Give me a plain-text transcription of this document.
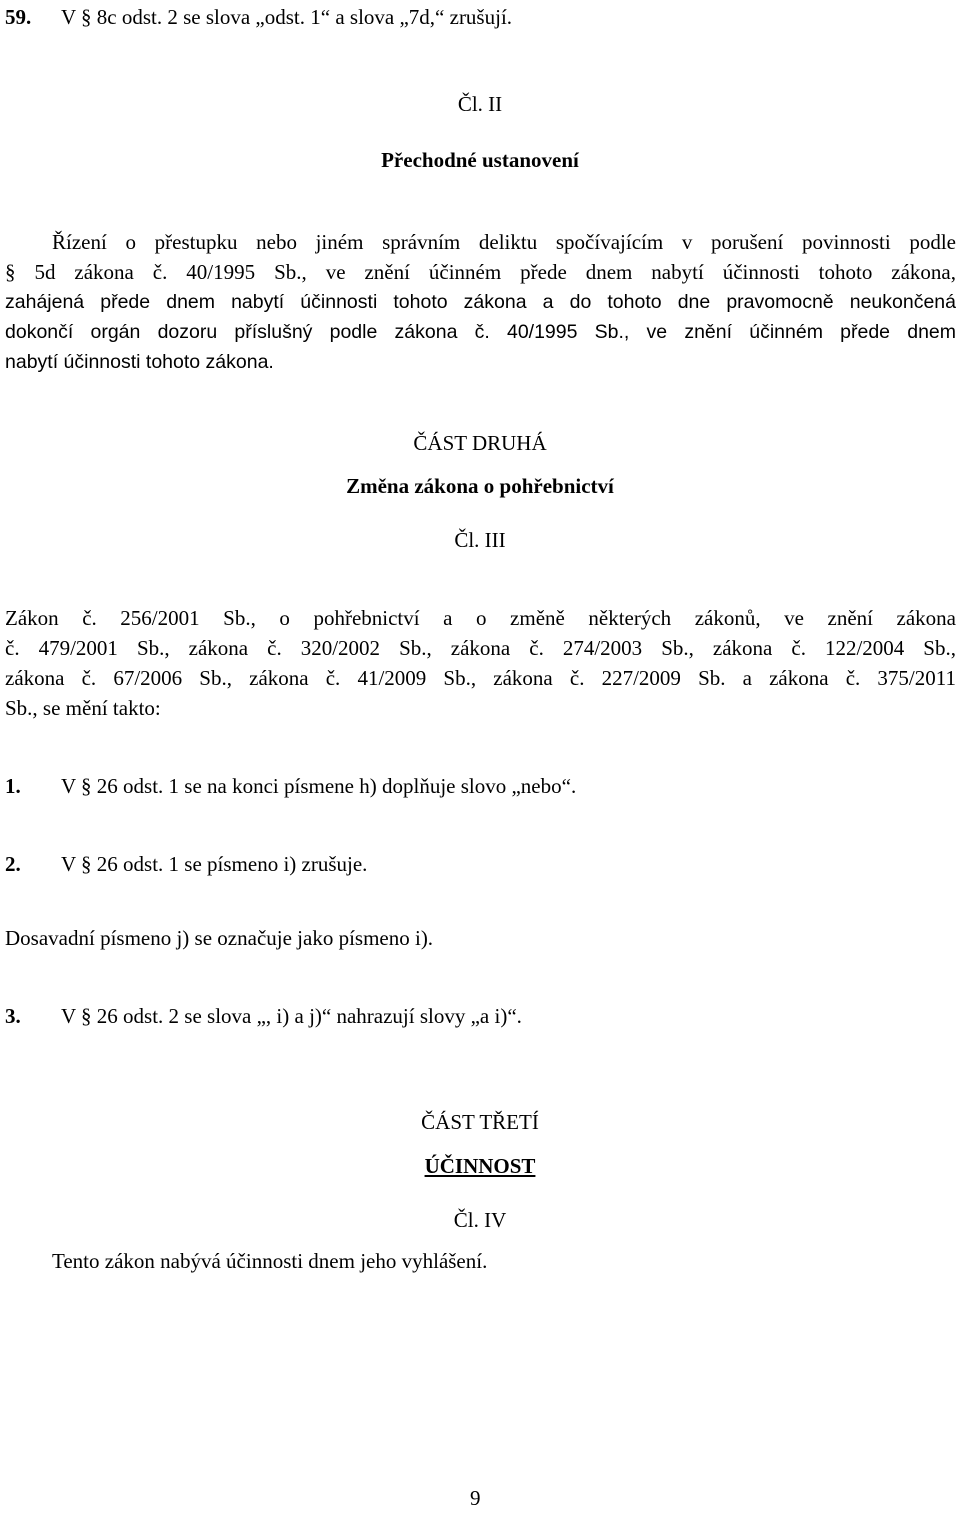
59. V § 8c odst. 2 se slova „odst. 1“ a slova „7d,“ zrušují.
Čl. II
Přechodné ustanovení
Řízení o přestupku nebo jiném správním deliktu spočívajícím v porušení povinnosti podle
§ 5d zákona č. 40/1995 Sb., ve znění účinném přede dnem nabytí účinnosti tohoto zákona,
zahájená přede dnem nabytí účinnosti tohoto zákona a do tohoto dne pravomocně neukončená
dokončí orgán dozoru příslušný podle zákona č. 40/1995 Sb., ve znění účinném přede dnem
nabytí účinnosti tohoto zákona.
ČÁST DRUHÁ
Změna zákona o pohřebnictví
Čl. III
Zákon č. 256/2001 Sb., o pohřebnictví a o změně některých zákonů, ve znění zákona
č. 479/2001 Sb., zákona č. 320/2002 Sb., zákona č. 274/2003 Sb., zákona č. 122/2004 Sb.,
zákona č. 67/2006 Sb., zákona č. 41/2009 Sb., zákona č. 227/2009 Sb. a zákona č. 375/2011
Sb., se mění takto:
1. V § 26 odst. 1 se na konci písmene h) doplňuje slovo „nebo“.
2. V § 26 odst. 1 se písmeno i) zrušuje.
Dosavadní písmeno j) se označuje jako písmeno i).
3. V § 26 odst. 2 se slova „, i) a j)“ nahrazují slovy „a i)“.
ČÁST TŘETÍ
ÚČINNOST
Čl. IV
Tento zákon nabývá účinnosti dnem jeho vyhlášení.
9
